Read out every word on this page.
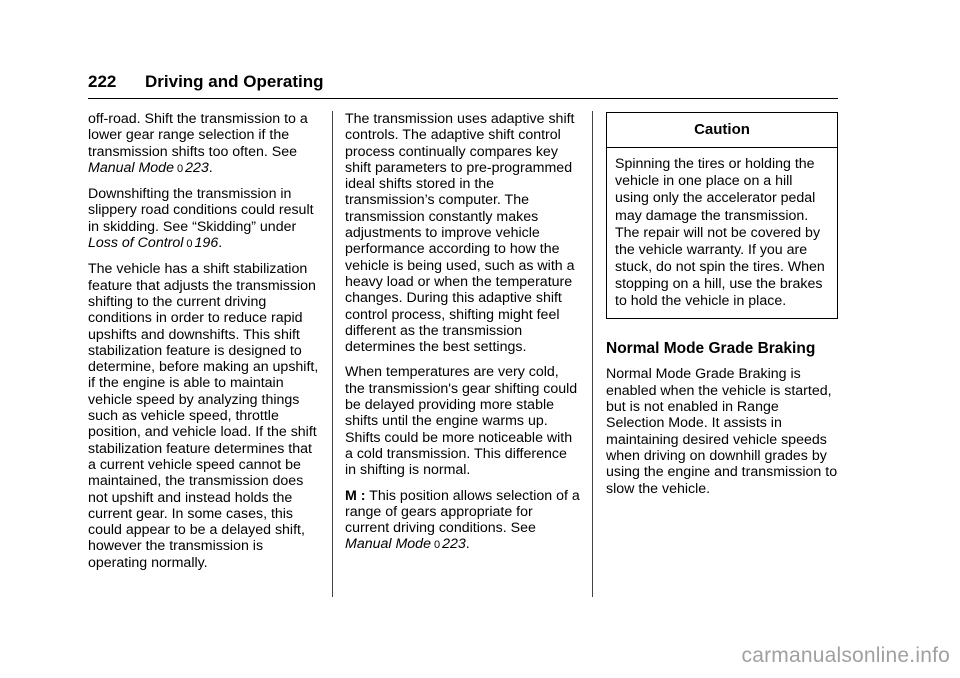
222 Driving and Operating

off-road. Shift the transmission to a lower gear range selection if the transmission shifts too often. See Manual Mode 0 223.

Downshifting the transmission in slippery road conditions could result in skidding. See “Skidding” under Loss of Control 0 196.

The vehicle has a shift stabilization feature that adjusts the transmission shifting to the current driving conditions in order to reduce rapid upshifts and downshifts. This shift stabilization feature is designed to determine, before making an upshift, if the engine is able to maintain vehicle speed by analyzing things such as vehicle speed, throttle position, and vehicle load. If the shift stabilization feature determines that a current vehicle speed cannot be maintained, the transmission does not upshift and instead holds the current gear. In some cases, this could appear to be a delayed shift, however the transmission is operating normally.

The transmission uses adaptive shift controls. The adaptive shift control process continually compares key shift parameters to pre-programmed ideal shifts stored in the transmission’s computer. The transmission constantly makes adjustments to improve vehicle performance according to how the vehicle is being used, such as with a heavy load or when the temperature changes. During this adaptive shift control process, shifting might feel different as the transmission determines the best settings.

When temperatures are very cold, the transmission's gear shifting could be delayed providing more stable shifts until the engine warms up. Shifts could be more noticeable with a cold transmission. This difference in shifting is normal.

M : This position allows selection of a range of gears appropriate for current driving conditions. See Manual Mode 0 223.

Caution
Spinning the tires or holding the vehicle in one place on a hill using only the accelerator pedal may damage the transmission. The repair will not be covered by the vehicle warranty. If you are stuck, do not spin the tires. When stopping on a hill, use the brakes to hold the vehicle in place.
Normal Mode Grade Braking

Normal Mode Grade Braking is enabled when the vehicle is started, but is not enabled in Range Selection Mode. It assists in maintaining desired vehicle speeds when driving on downhill grades by using the engine and transmission to slow the vehicle.

carmanualsonline.info
